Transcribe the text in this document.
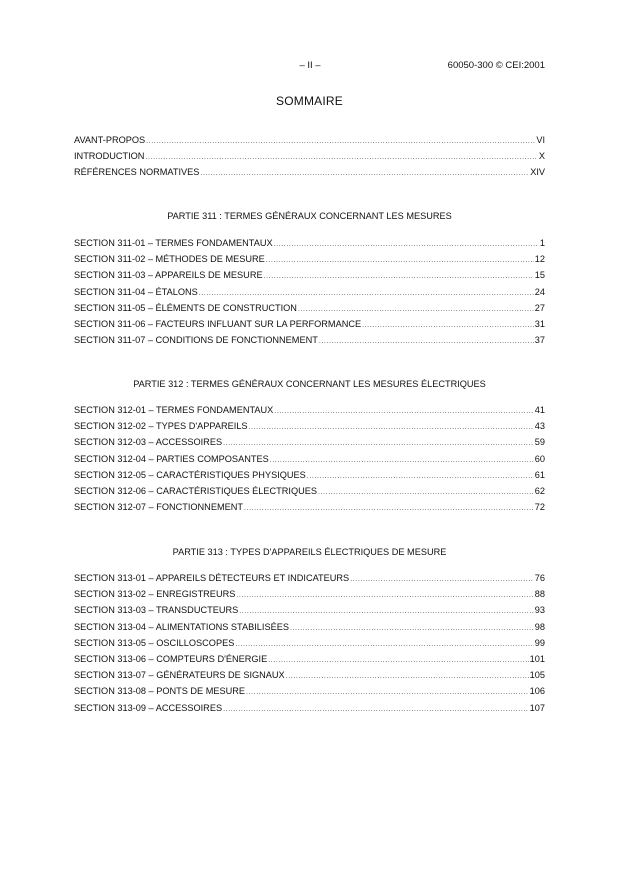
– II –	60050-300 © CEI:2001
SOMMAIRE
AVANT-PROPOS .....	VI
INTRODUCTION .....	X
RÉFÉRENCES NORMATIVES .....	XIV
PARTIE 311 : TERMES GÉNÉRAUX CONCERNANT LES MESURES
SECTION 311-01 – TERMES FONDAMENTAUX .....	1
SECTION 311-02 – MÉTHODES DE MESURE .....	12
SECTION 311-03 – APPAREILS DE MESURE .....	15
SECTION 311-04 – ÉTALONS .....	24
SECTION 311-05 – ÉLÉMENTS DE CONSTRUCTION .....	27
SECTION 311-06 – FACTEURS INFLUANT SUR LA PERFORMANCE .....	31
SECTION 311-07 – CONDITIONS DE FONCTIONNEMENT .....	37
PARTIE 312 : TERMES GÉNÉRAUX CONCERNANT LES MESURES ÉLECTRIQUES
SECTION 312-01 – TERMES FONDAMENTAUX .....	41
SECTION 312-02 – TYPES D'APPAREILS .....	43
SECTION 312-03 – ACCESSOIRES .....	59
SECTION 312-04 – PARTIES COMPOSANTES .....	60
SECTION 312-05 – CARACTÉRISTIQUES PHYSIQUES .....	61
SECTION 312-06 – CARACTÉRISTIQUES ÉLECTRIQUES .....	62
SECTION 312-07 – FONCTIONNEMENT .....	72
PARTIE 313 : TYPES D'APPAREILS ÉLECTRIQUES DE MESURE
SECTION 313-01 – APPAREILS DÉTECTEURS ET INDICATEURS .....	76
SECTION 313-02 – ENREGISTREURS .....	88
SECTION 313-03 – TRANSDUCTEURS .....	93
SECTION 313-04 – ALIMENTATIONS STABILISÉES .....	98
SECTION 313-05 – OSCILLOSCOPES .....	99
SECTION 313-06 – COMPTEURS D'ÉNERGIE .....	101
SECTION 313-07 – GÉNÉRATEURS DE SIGNAUX .....	105
SECTION 313-08 – PONTS DE MESURE .....	106
SECTION 313-09 – ACCESSOIRES .....	107
